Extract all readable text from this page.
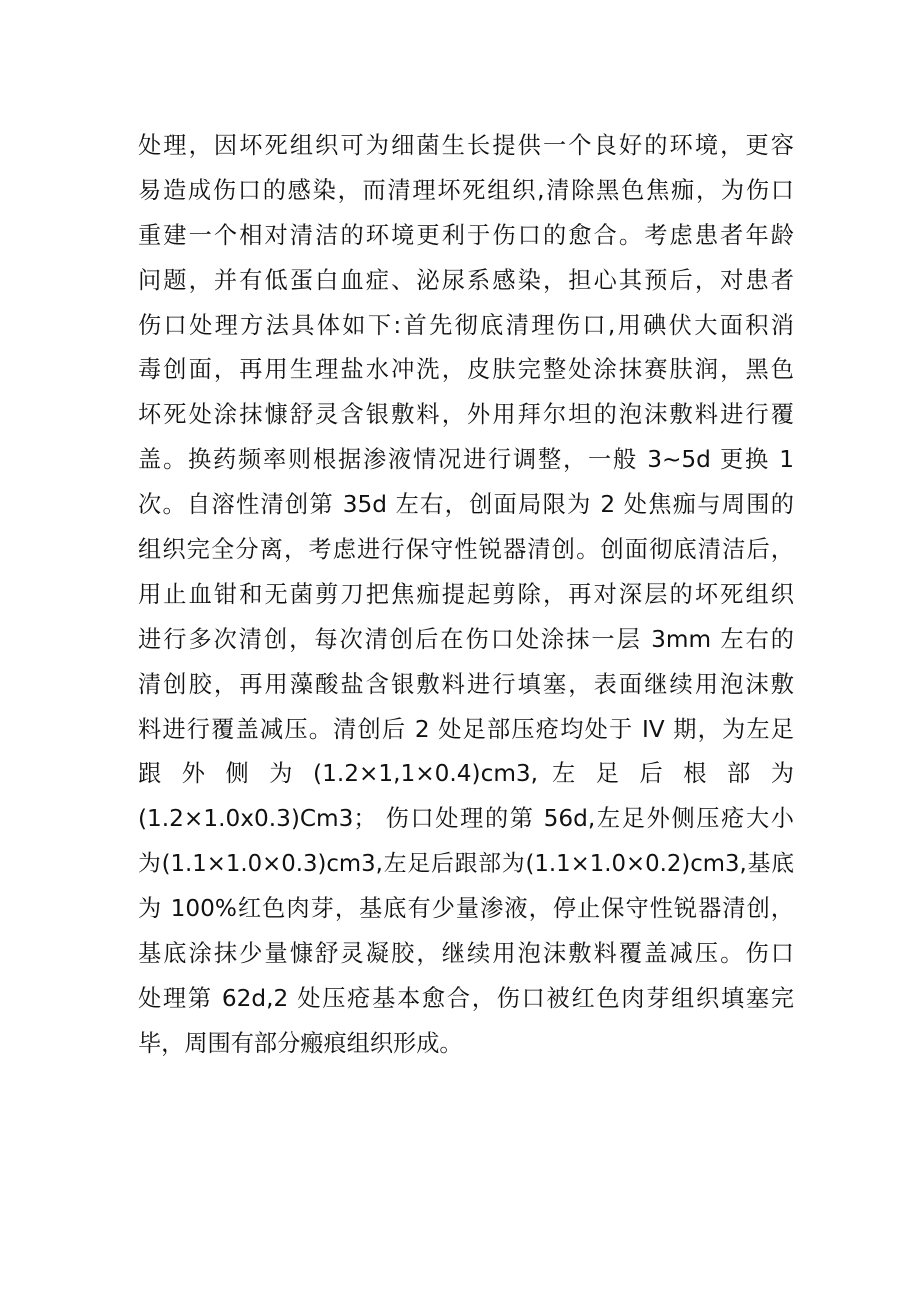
处理，因坏死组织可为细菌生长提供一个良好的环境，更容
易造成伤口的感染，而清理坏死组织,清除黑色焦痂，为伤口
重建一个相对清洁的环境更利于伤口的愈合。考虑患者年龄
问题，并有低蛋白血症、泌尿系感染，担心其预后，对患者
伤口处理方法具体如下:首先彻底清理伤口,用碘伏大面积消
毒创面，再用生理盐水冲洗，皮肤完整处涂抹赛肤润，黑色
坏死处涂抹慷舒灵含银敷料，外用拜尔坦的泡沫敷料进行覆
盖。换药频率则根据渗液情况进行调整，一般 3~5d 更换 1
次。自溶性清创第 35d 左右，创面局限为 2 处焦痂与周围的
组织完全分离，考虑进行保守性锐器清创。创面彻底清洁后，
用止血钳和无菌剪刀把焦痂提起剪除，再对深层的坏死组织
进行多次清创，每次清创后在伤口处涂抹一层 3mm 左右的
清创胶，再用藻酸盐含银敷料进行填塞，表面继续用泡沫敷
料进行覆盖减压。清创后 2 处足部压疮均处于 IV 期，为左足
跟 外 侧 为 (1.2×1,1×0.4)cm3, 左 足 后 根 部 为
(1.2×1.0x0.3)Cm3； 伤口处理的第 56d,左足外侧压疮大小
为(1.1×1.0×0.3)cm3,左足后跟部为(1.1×1.0×0.2)cm3,基底
为 100%红色肉芽，基底有少量渗液，停止保守性锐器清创，
基底涂抹少量慷舒灵凝胶，继续用泡沫敷料覆盖减压。伤口
处理第 62d,2 处压疮基本愈合，伤口被红色肉芽组织填塞完
毕，周围有部分瘢痕组织形成。
